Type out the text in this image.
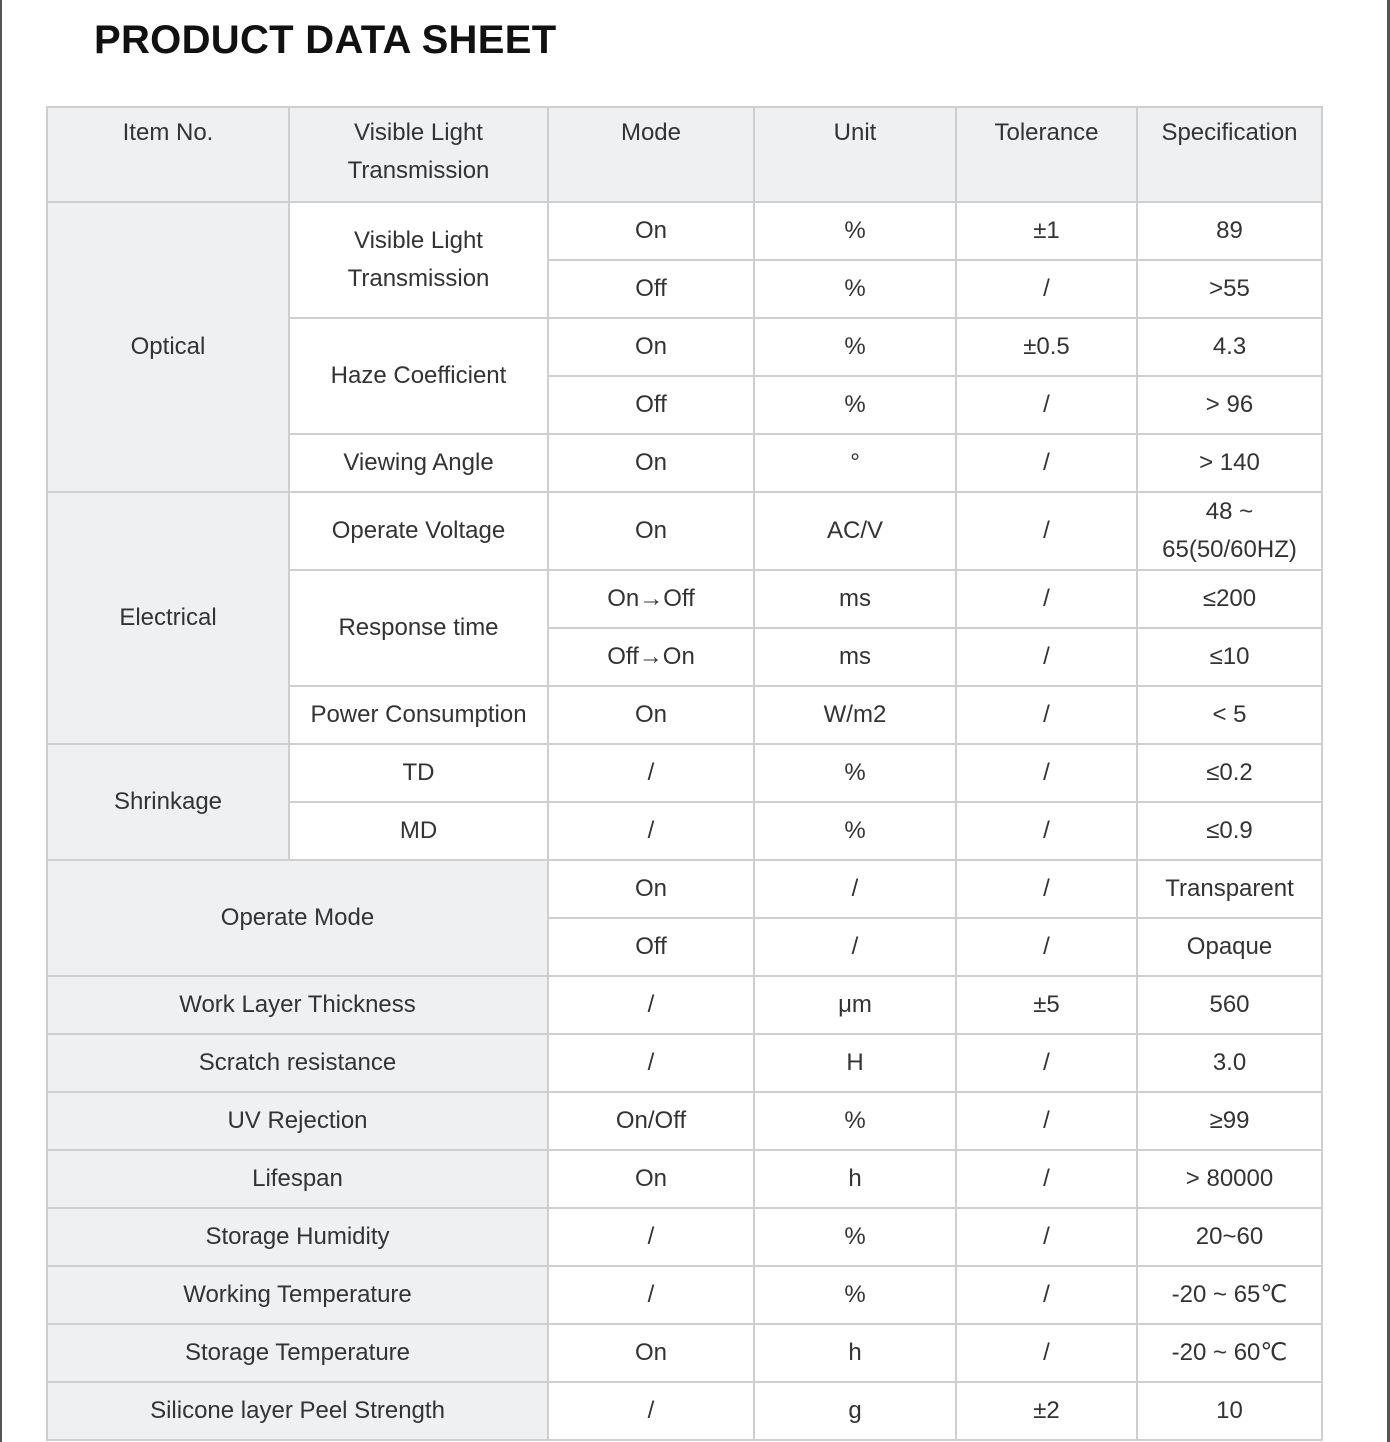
PRODUCT DATA SHEET
Item No.	Visible Light Transmission	Mode	Unit	Tolerance	Specification
Optical	Visible Light Transmission	On	%	±1	89
		Off	%	/	>55
	Haze Coefficient	On	%	±0.5	4.3
		Off	%	/	> 96
	Viewing Angle	On	°	/	> 140
Electrical	Operate Voltage	On	AC/V	/	48 ~ 65(50/60HZ)
	Response time	On→Off	ms	/	≤200
		Off→On	ms	/	≤10
	Power Consumption	On	W/m2	/	< 5
Shrinkage	TD	/	%	/	≤0.2
	MD	/	%	/	≤0.9
Operate Mode		On	/	/	Transparent
		Off	/	/	Opaque
Work Layer Thickness		/	μm	±5	560
Scratch resistance		/	H	/	3.0
UV Rejection		On/Off	%	/	≥99
Lifespan		On	h	/	> 80000
Storage Humidity		/	%	/	20~60
Working Temperature		/	%	/	-20 ~ 65℃
Storage Temperature		On	h	/	-20 ~ 60℃
Silicone layer Peel Strength		/	g	±2	10
